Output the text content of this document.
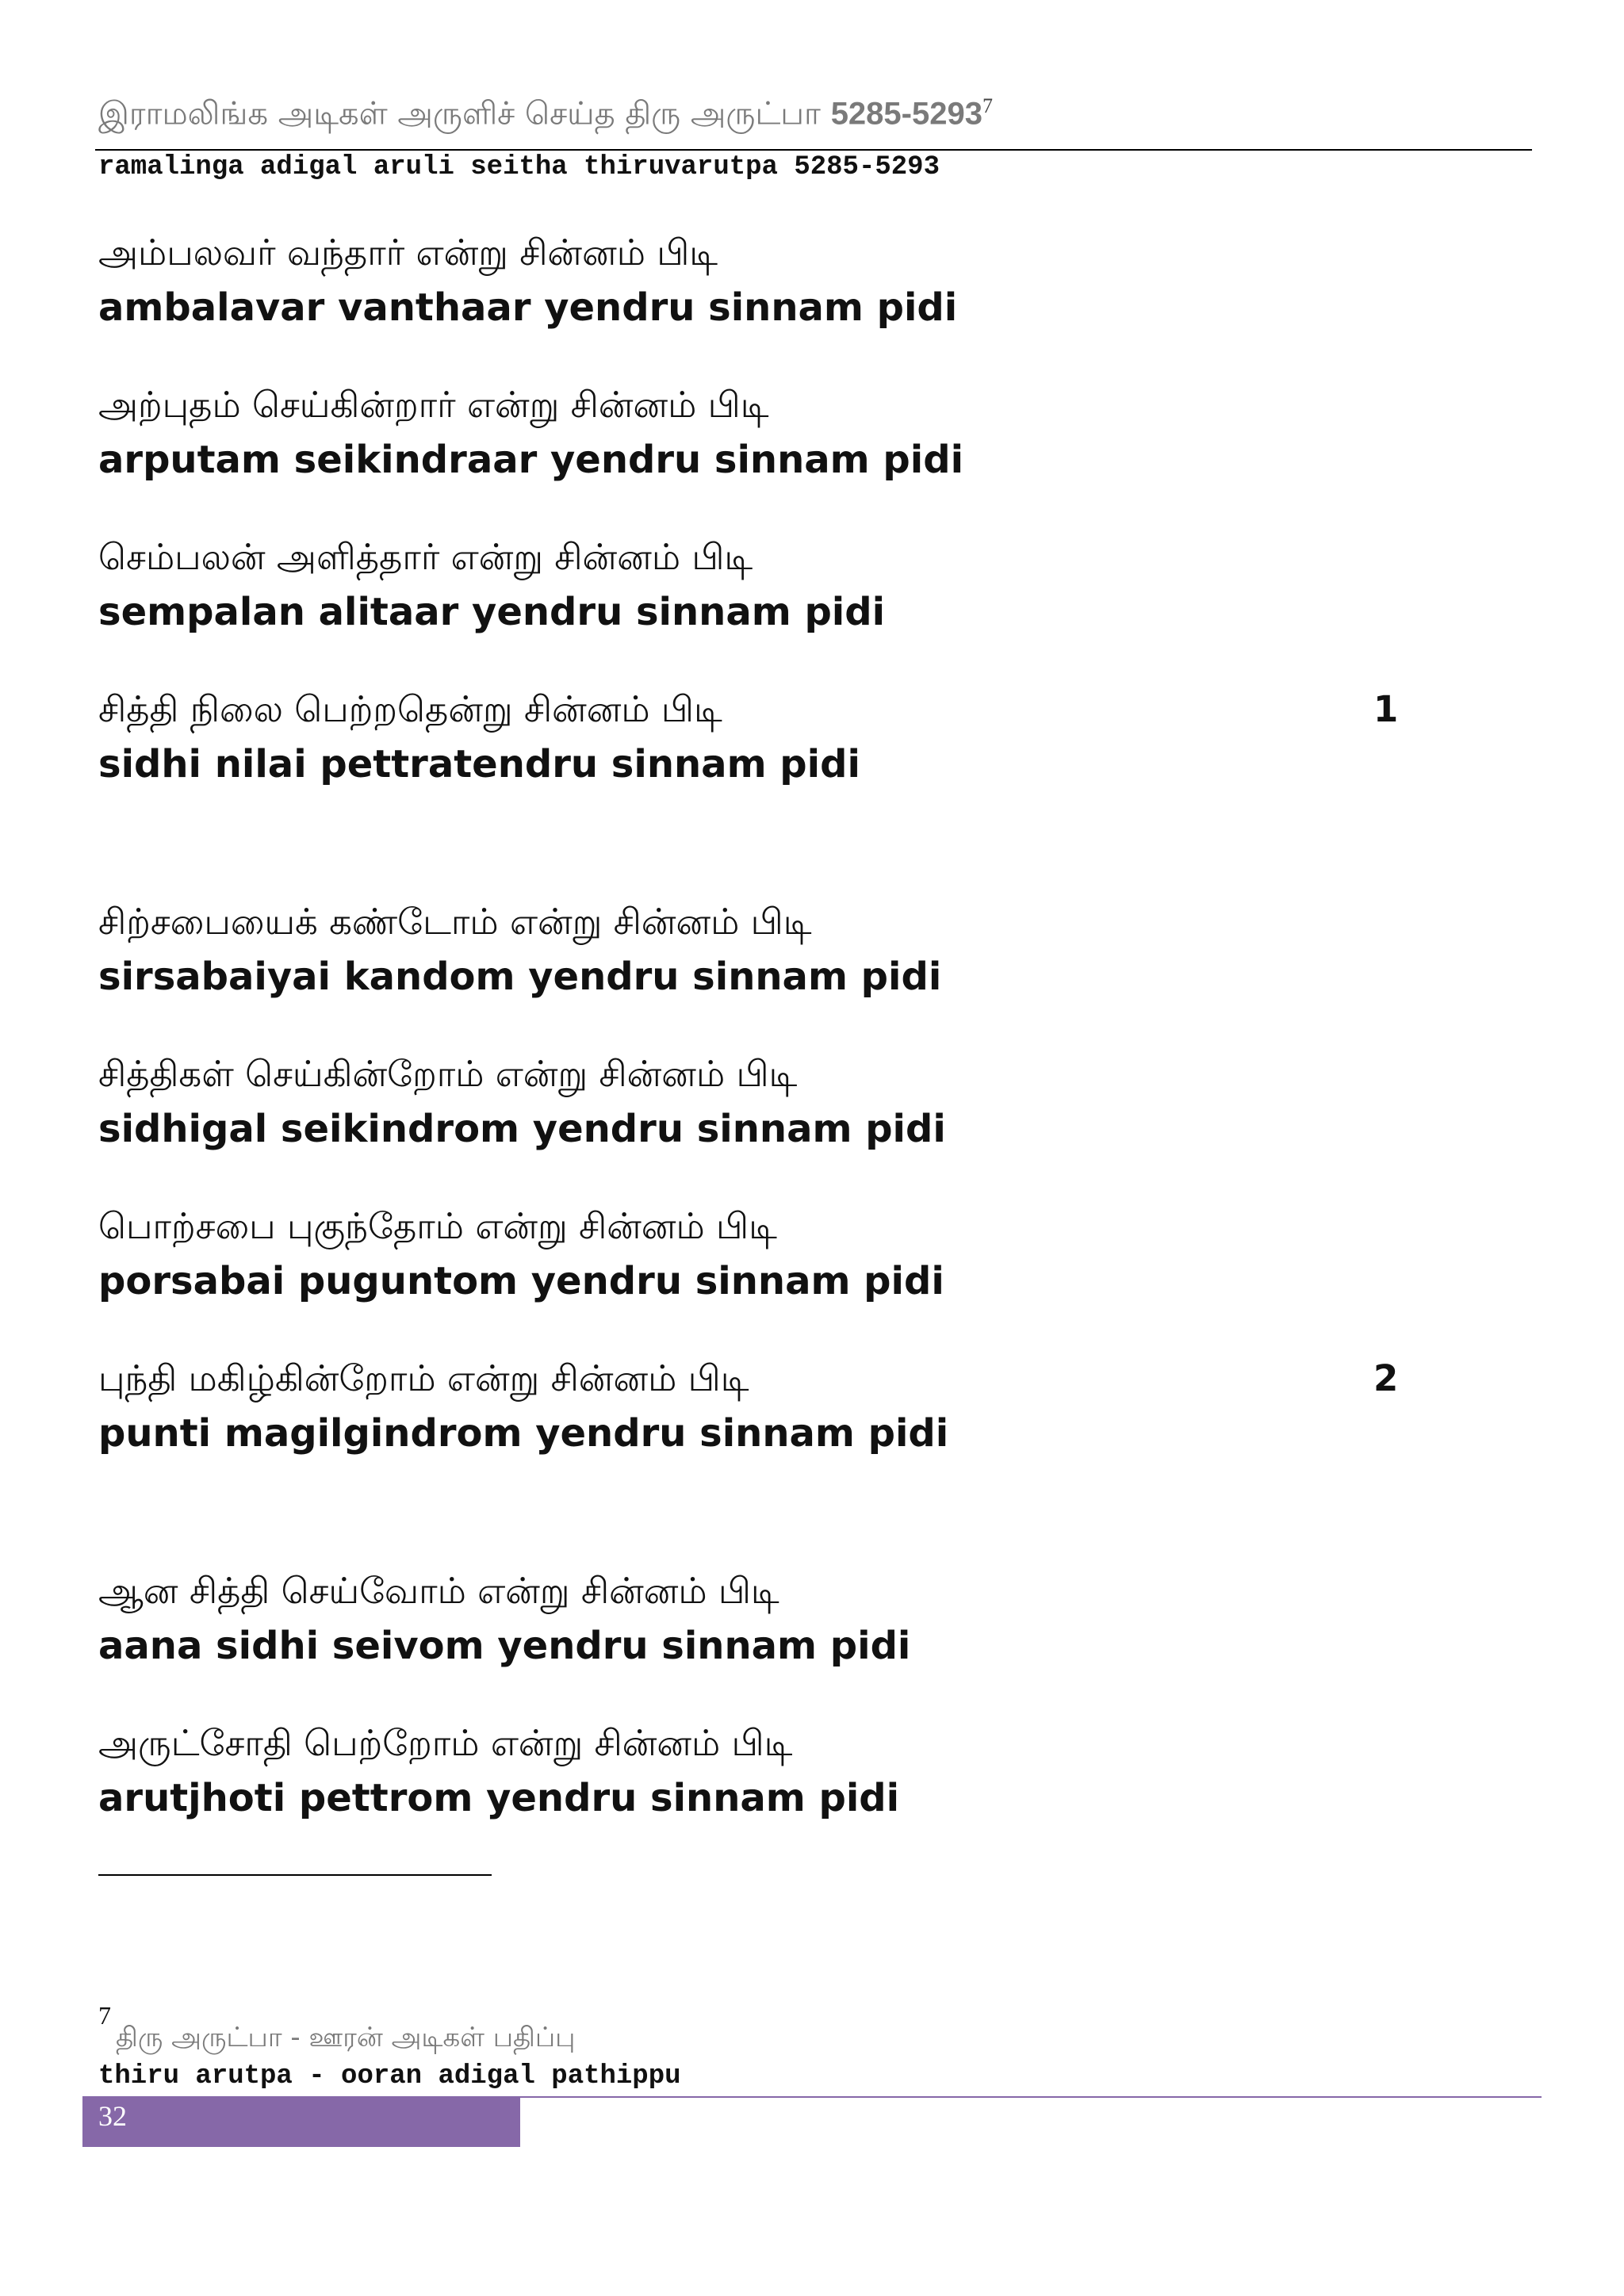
இராமலிங்க அடிகள் அருளிச் செய்த திரு அருட்பா 5285-5293$^7$
ramalinga adigal aruli seitha thiruvarutpa 5285-5293
அம்பலவர் வந்தார் என்று சின்னம் பிடி
ambalavar vanthaar yendru sinnam pidi
அற்புதம் செய்கின்றார் என்று சின்னம் பிடி
arputam seikindraar yendru sinnam pidi
செம்பலன் அளித்தார் என்று சின்னம் பிடி
sempalan alitaar yendru sinnam pidi
சித்தி நிலை பெற்றதென்று சின்னம் பிடி	1
sidhi nilai pettratendru sinnam pidi
சிற்சபையைக் கண்டோம் என்று சின்னம் பிடி
sirsabaiyai kandom yendru sinnam pidi
சித்திகள் செய்கின்றோம் என்று சின்னம் பிடி
sidhigal seikindrom yendru sinnam pidi
பொற்சபை புகுந்தோம் என்று சின்னம் பிடி
porsabai puguntom yendru sinnam pidi
புந்தி மகிழ்கின்றோம் என்று சின்னம் பிடி	2
punti magilgindrom yendru sinnam pidi
ஆன சித்தி செய்வோம் என்று சின்னம் பிடி
aana sidhi seivom yendru sinnam pidi
அருட்சோதி பெற்றோம் என்று சின்னம் பிடி
arutjhoti pettrom yendru sinnam pidi
7
திரு அருட்பா - ஊரன் அடிகள் பதிப்பு
thiru arutpa - ooran adigal pathippu
32
